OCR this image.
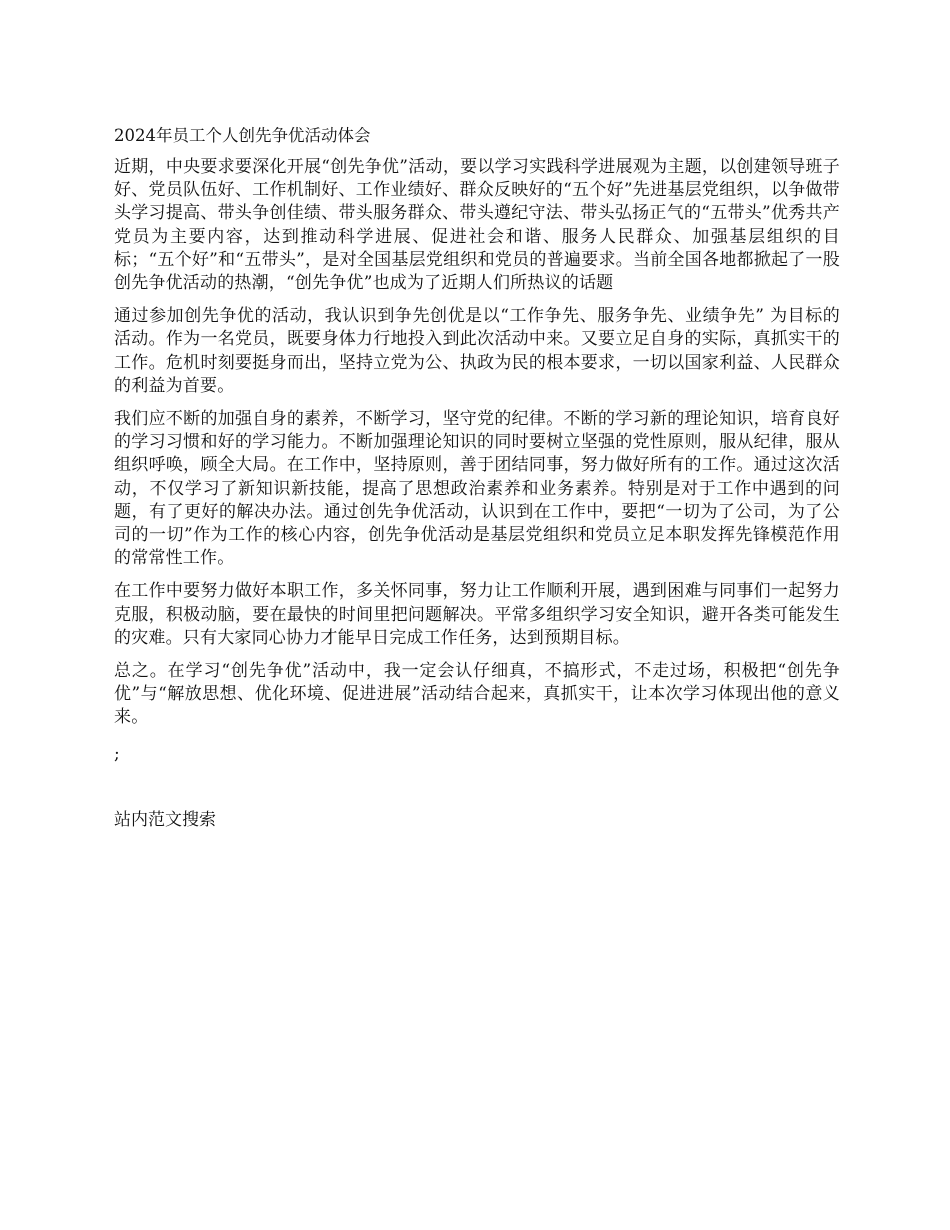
2024年员工个人创先争优活动体会

近期，中央要求要深化开展“创先争优”活动，要以学习实践科学进展观为主题，以创建领导班子好、党员队伍好、工作机制好、工作业绩好、群众反映好的“五个好”先进基层党组织，以争做带头学习提高、带头争创佳绩、带头服务群众、带头遵纪守法、带头弘扬正气的“五带头”优秀共产党员为主要内容，达到推动科学进展、促进社会和谐、服务人民群众、加强基层组织的目标；“五个好”和“五带头”，是对全国基层党组织和党员的普遍要求。当前全国各地都掀起了一股创先争优活动的热潮，“创先争优”也成为了近期人们所热议的话题

通过参加创先争优的活动，我认识到争先创优是以“工作争先、服务争先、业绩争先” 为目标的活动。作为一名党员，既要身体力行地投入到此次活动中来。又要立足自身的实际，真抓实干的工作。危机时刻要挺身而出，坚持立党为公、执政为民的根本要求，一切以国家利益、人民群众的利益为首要。

我们应不断的加强自身的素养，不断学习，坚守党的纪律。不断的学习新的理论知识，培育良好的学习习惯和好的学习能力。不断加强理论知识的同时要树立坚强的党性原则，服从纪律，服从组织呼唤，顾全大局。在工作中，坚持原则，善于团结同事，努力做好所有的工作。通过这次活动，不仅学习了新知识新技能，提高了思想政治素养和业务素养。特别是对于工作中遇到的问题，有了更好的解决办法。通过创先争优活动，认识到在工作中，要把“一切为了公司，为了公司的一切”作为工作的核心内容，创先争优活动是基层党组织和党员立足本职发挥先锋模范作用的常常性工作。

在工作中要努力做好本职工作，多关怀同事，努力让工作顺利开展，遇到困难与同事们一起努力克服，积极动脑，要在最快的时间里把问题解决。平常多组织学习安全知识，避开各类可能发生的灾难。只有大家同心协力才能早日完成工作任务，达到预期目标。

总之。在学习“创先争优”活动中，我一定会认仔细真，不搞形式，不走过场，积极把“创先争优”与“解放思想、优化环境、促进进展”活动结合起来，真抓实干，让本次学习体现出他的意义来。

;
站内范文搜索
